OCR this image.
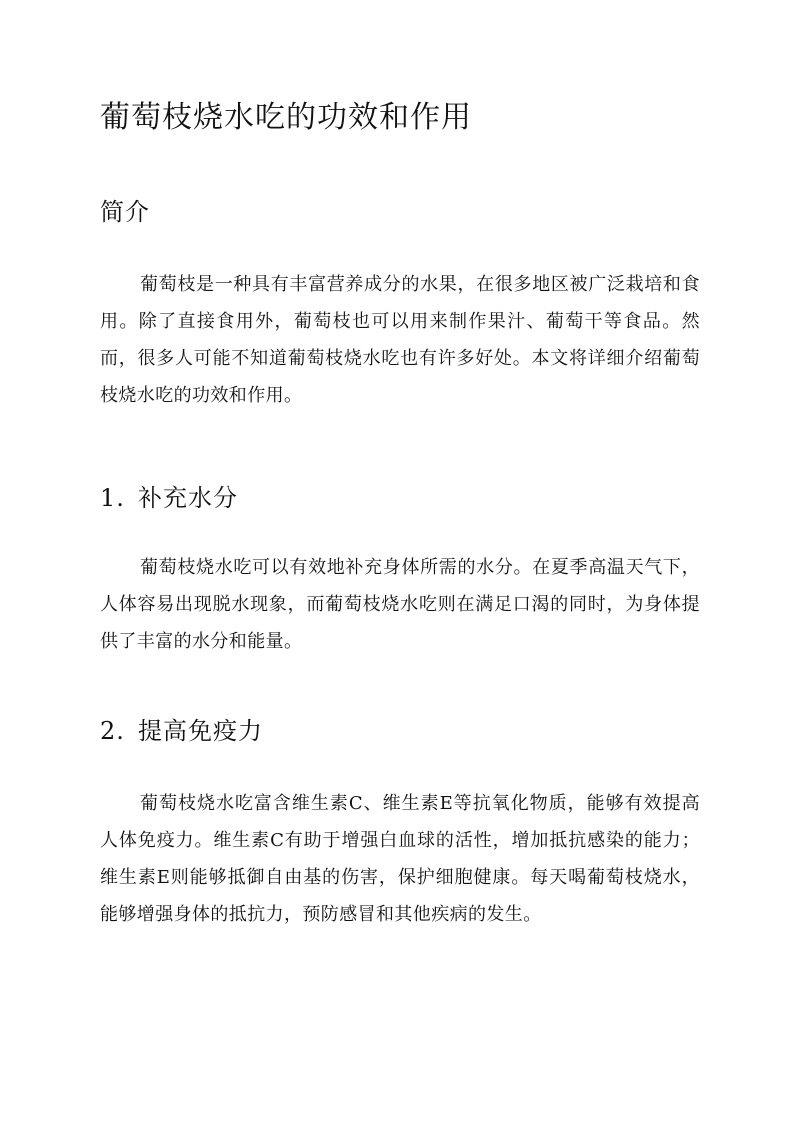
葡萄枝烧水吃的功效和作用
简介

葡萄枝是一种具有丰富营养成分的水果，在很多地区被广泛栽培和食用。除了直接食用外，葡萄枝也可以用来制作果汁、葡萄干等食品。然而，很多人可能不知道葡萄枝烧水吃也有许多好处。本文将详细介绍葡萄枝烧水吃的功效和作用。

1. 补充水分

葡萄枝烧水吃可以有效地补充身体所需的水分。在夏季高温天气下，人体容易出现脱水现象，而葡萄枝烧水吃则在满足口渴的同时，为身体提供了丰富的水分和能量。

2. 提高免疫力

葡萄枝烧水吃富含维生素C、维生素E等抗氧化物质，能够有效提高人体免疫力。维生素C有助于增强白血球的活性，增加抵抗感染的能力；维生素E则能够抵御自由基的伤害，保护细胞健康。每天喝葡萄枝烧水，能够增强身体的抵抗力，预防感冒和其他疾病的发生。
